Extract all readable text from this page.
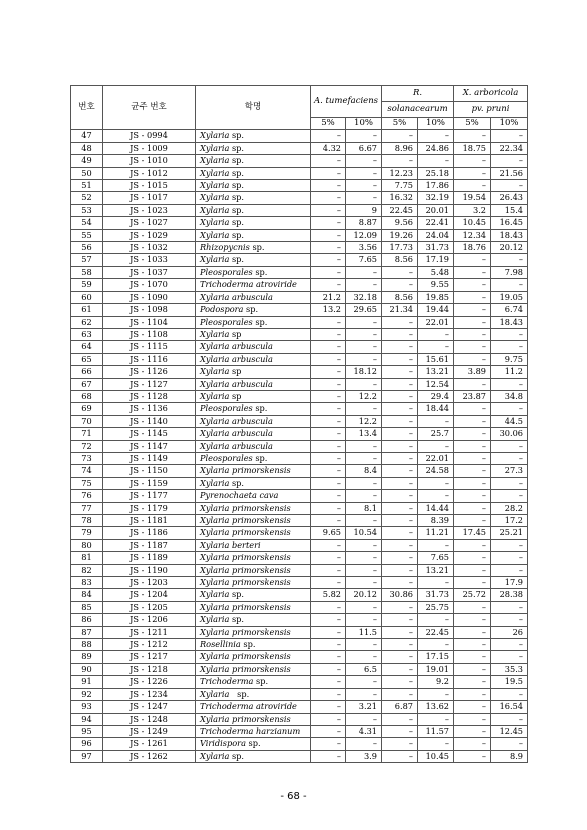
번호	균주 번호	학명	A. tumefaciens		R.		X. arboricola	
					solanacearum		pv. pruni	
			5%	10%	5%	10%	5%	10%
47	JS - 0994	Xylaria sp.	–	–	–	–	–	–
48	JS - 1009	Xylaria sp.	4.32	6.67	8.96	24.86	18.75	22.34
49	JS - 1010	Xylaria sp.	–	–	–	–	–	–
50	JS - 1012	Xylaria sp.	–	–	12.23	25.18	–	21.56
51	JS - 1015	Xylaria sp.	–	–	7.75	17.86	–	–
52	JS - 1017	Xylaria sp.	–	–	16.32	32.19	19.54	26.43
53	JS - 1023	Xylaria sp.	–	9	22.45	20.01	3.2	15.4
54	JS - 1027	Xylaria sp.	–	8.87	9.56	22.41	10.45	16.45
55	JS - 1029	Xylaria sp.	–	12.09	19.26	24.04	12.34	18.43
56	JS - 1032	Rhizopycnis sp.	–	3.56	17.73	31.73	18.76	20.12
57	JS - 1033	Xylaria sp.	–	7.65	8.56	17.19	–	–
58	JS - 1037	Pleosporales sp.	–	–	–	5.48	–	7.98
59	JS - 1070	Trichoderma atroviride	–	–	–	9.55	–	–
60	JS - 1090	Xylaria arbuscula	21.2	32.18	8.56	19.85	–	19.05
61	JS - 1098	Podospora sp.	13.2	29.65	21.34	19.44	–	6.74
62	JS - 1104	Pleosporales sp.	–	–	–	22.01	–	18.43
63	JS - 1108	Xylaria sp	–	–	–	–	–	–
64	JS - 1115	Xylaria arbuscula	–	–	–	–	–	–
65	JS - 1116	Xylaria arbuscula	–	–	–	15.61	–	9.75
66	JS - 1126	Xylaria sp	–	18.12	–	13.21	3.89	11.2
67	JS - 1127	Xylaria arbuscula	–	–	–	12.54	–	–
68	JS - 1128	Xylaria sp	–	12.2	–	29.4	23.87	34.8
69	JS - 1136	Pleosporales sp.	–	–	–	18.44	–	–
70	JS - 1140	Xylaria arbuscula	–	12.2	–	–	–	44.5
71	JS - 1145	Xylaria arbuscula	–	13.4	–	25.7	–	30.06
72	JS - 1147	Xylaria arbuscula	–	–	–	–	–	–
73	JS - 1149	Pleosporales sp.	–	–	–	22.01	–	–
74	JS - 1150	Xylaria primorskensis	–	8.4	–	24.58	–	27.3
75	JS - 1159	Xylaria sp.	–	–	–	–	–	–
76	JS - 1177	Pyrenochaeta cava	–	–	–	–	–	–
77	JS - 1179	Xylaria primorskensis	–	8.1	–	14.44	–	28.2
78	JS - 1181	Xylaria primorskensis	–	–	–	8.39	–	17.2
79	JS - 1186	Xylaria primorskensis	9.65	10.54	–	11.21	17.45	25.21
80	JS - 1187	Xylaria berteri	–	–	–	–	–	–
81	JS - 1189	Xylaria primorskensis	–	–	–	7.65	–	–
82	JS - 1190	Xylaria primorskensis	–	–	–	13.21	–	–
83	JS - 1203	Xylaria primorskensis	–	–	–	–	–	17.9
84	JS - 1204	Xylaria sp.	5.82	20.12	30.86	31.73	25.72	28.38
85	JS - 1205	Xylaria primorskensis	–	–	–	25.75	–	–
86	JS - 1206	Xylaria sp.	–	–	–	–	–	–
87	JS - 1211	Xylaria primorskensis	–	11.5	–	22.45	–	26
88	JS - 1212	Rosellinia sp.	–	–	–	–	–	–
89	JS - 1217	Xylaria primorskensis	–	–	–	17.15	–	–
90	JS - 1218	Xylaria primorskensis	–	6.5	–	19.01	–	35.3
91	JS - 1226	Trichoderma sp.	–	–	–	9.2	–	19.5
92	JS - 1234	Xylaria   sp.	–	–	–	–	–	–
93	JS - 1247	Trichoderma atroviride	–	3.21	6.87	13.62	–	16.54
94	JS - 1248	Xylaria primorskensis	–	–	–	–	–	–
95	JS - 1249	Trichoderma harzianum	–	4.31	–	11.57	–	12.45
96	JS - 1261	Viridispora sp.	–	–	–	–	–	–
97	JS - 1262	Xylaria sp.	–	3.9	–	10.45	–	8.9
- 68 -
